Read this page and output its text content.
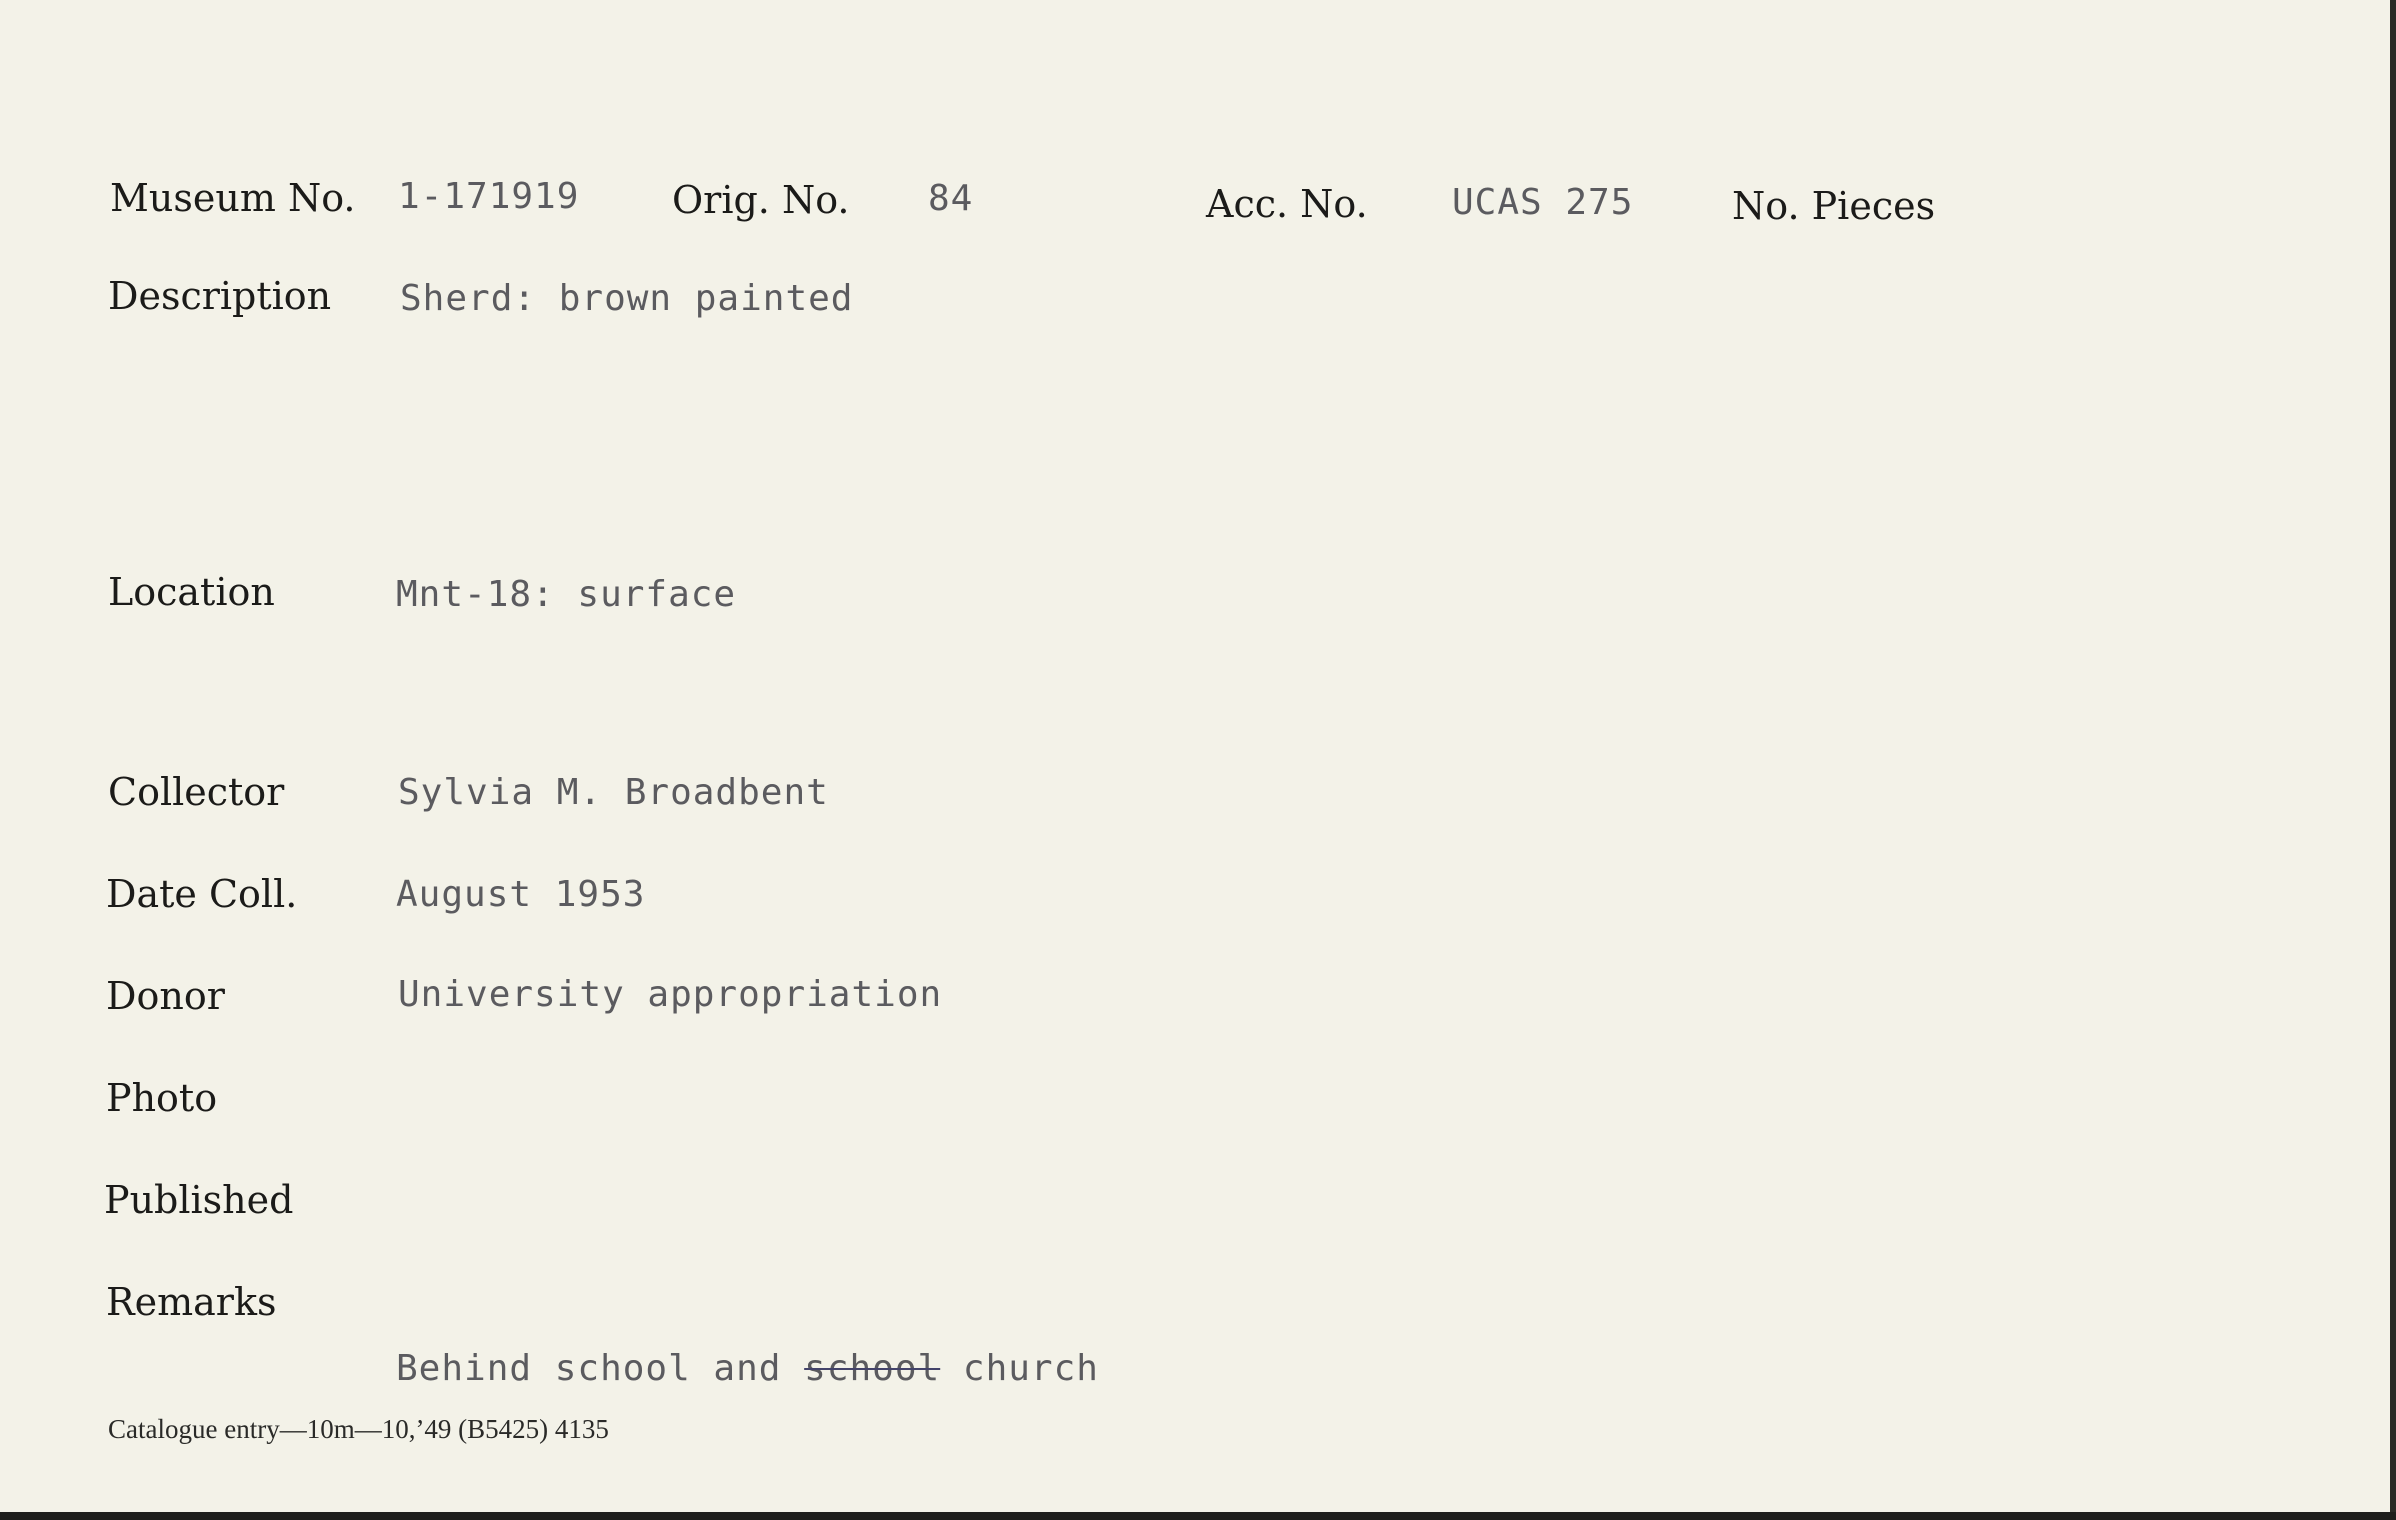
Museum No. 1-171919 Orig. No. 84	Acc. No. UCAS 275	No. Pieces
Description Sherd: brown painted
Location	Mnt-18: surface
Collector	Sylvia M. Broadbent
Date Coll.	August 1953
Donor	University appropriation
Photo
Published
Remarks
Behind school and school church
Catalogue entry—10m—10,’49 (B5425) 4135
